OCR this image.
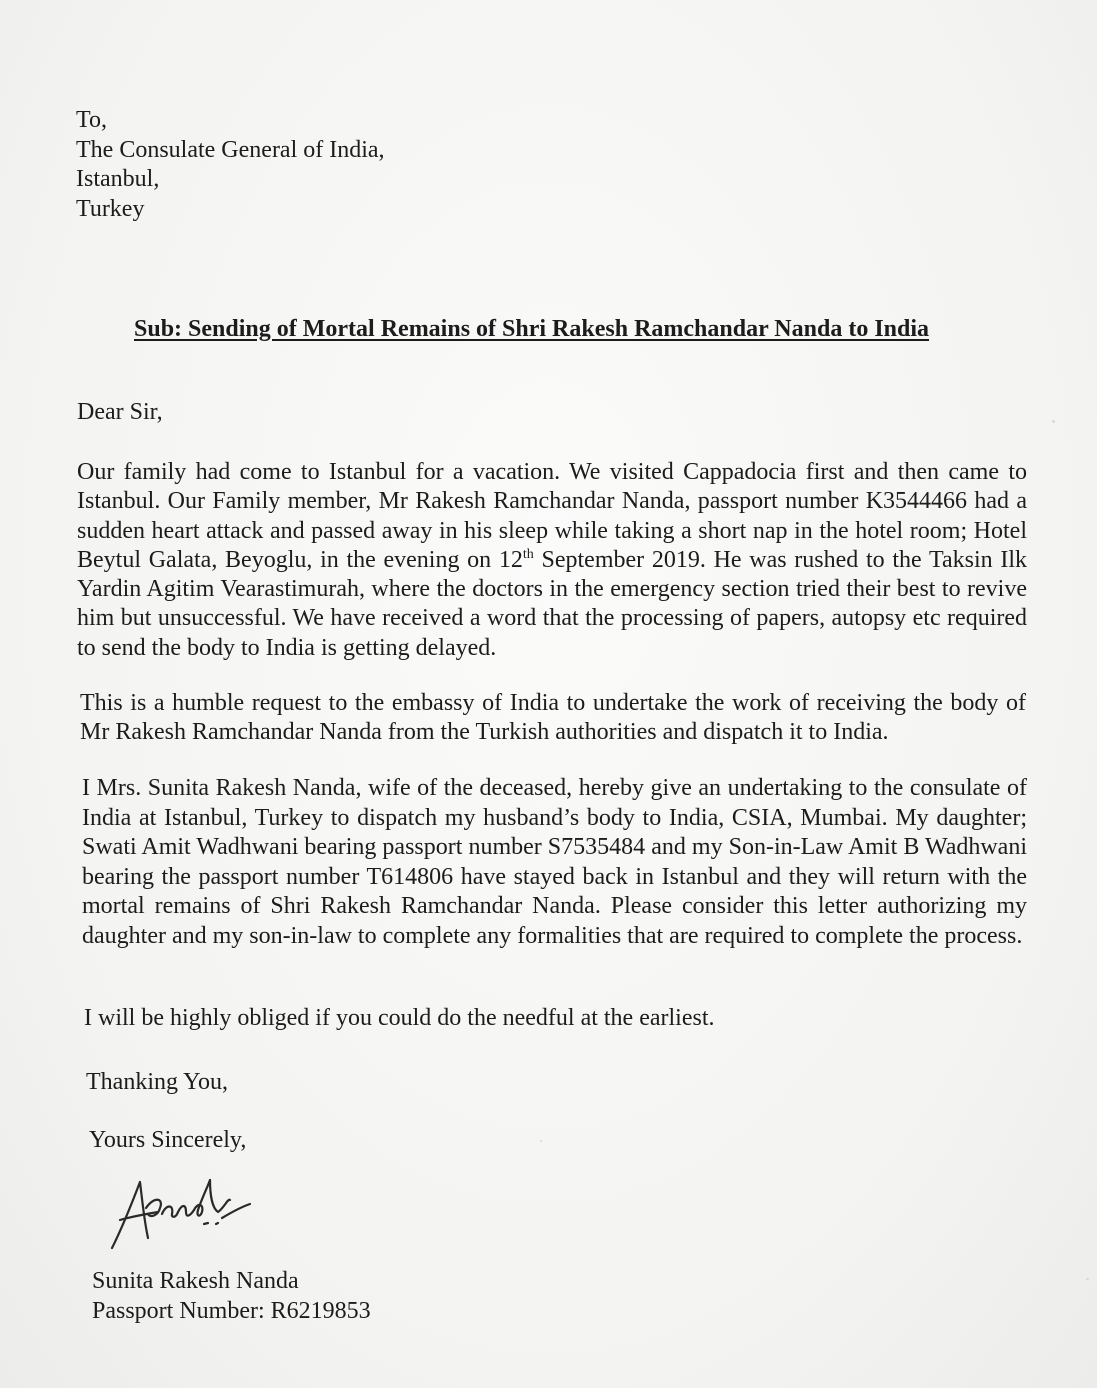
To,
The Consulate General of India,
Istanbul,
Turkey
Sub: Sending of Mortal Remains of Shri Rakesh Ramchandar Nanda to India
Dear Sir,
Our family had come to Istanbul for a vacation. We visited Cappadocia first and then came to Istanbul. Our Family member, Mr Rakesh Ramchandar Nanda, passport number K3544466 had a sudden heart attack and passed away in his sleep while taking a short nap in the hotel room; Hotel Beytul Galata, Beyoglu, in the evening on 12th September 2019. He was rushed to the Taksin Ilk Yardin Agitim Vearastimurah, where the doctors in the emergency section tried their best to revive him but unsuccessful. We have received a word that the processing of papers, autopsy etc required to send the body to India is getting delayed.
This is a humble request to the embassy of India to undertake the work of receiving the body of Mr Rakesh Ramchandar Nanda from the Turkish authorities and dispatch it to India.
I Mrs. Sunita Rakesh Nanda, wife of the deceased, hereby give an undertaking to the consulate of India at Istanbul, Turkey to dispatch my husband’s body to India, CSIA, Mumbai. My daughter; Swati Amit Wadhwani bearing passport number S7535484 and my Son-in-Law Amit B Wadhwani bearing the passport number T614806 have stayed back in Istanbul and they will return with the mortal remains of Shri Rakesh Ramchandar Nanda. Please consider this letter authorizing my daughter and my son-in-law to complete any formalities that are required to complete the process.
I will be highly obliged if you could do the needful at the earliest.
Thanking You,
Yours Sincerely,
Sunita Rakesh Nanda
Passport Number: R6219853
